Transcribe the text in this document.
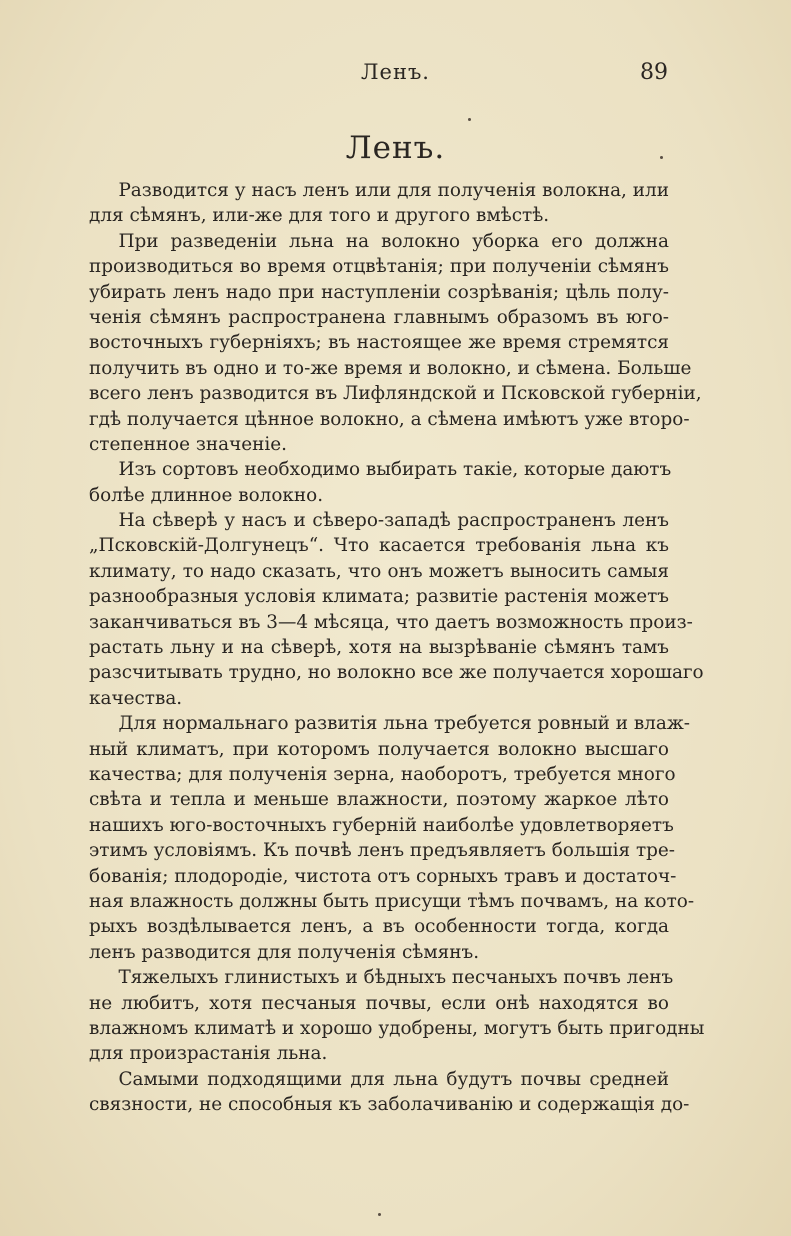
Ленъ.	89
Ленъ.
Разводится у насъ ленъ или для полученія волокна, или
для сѣмянъ, или-же для того и другого вмѣстѣ.
При разведеніи льна на волокно уборка его должна
производиться во время отцвѣтанія; при полученіи сѣмянъ
убирать ленъ надо при наступленіи созрѣванія; цѣль полу-
ченія сѣмянъ распространена главнымъ образомъ въ юго-
восточныхъ губерніяхъ; въ настоящее же время стремятся
получить въ одно и то-же время и волокно, и сѣмена. Больше
всего ленъ разводится въ Лифляндской и Псковской губерніи,
гдѣ получается цѣнное волокно, а сѣмена имѣютъ уже второ-
степенное значеніе.
Изъ сортовъ необходимо выбирать такіе, которые даютъ
болѣе длинное волокно.
На сѣверѣ у насъ и сѣверо-западѣ распространенъ ленъ
„Псковскій-Долгунецъ“. Что касается требованія льна къ
климату, то надо сказать, что онъ можетъ выносить самыя
разнообразныя условія климата; развитіе растенія можетъ
заканчиваться въ 3—4 мѣсяца, что даетъ возможность произ-
растать льну и на сѣверѣ, хотя на вызрѣваніе сѣмянъ тамъ
разсчитывать трудно, но волокно все же получается хорошаго
качества.
Для нормальнаго развитія льна требуется ровный и влаж-
ный климатъ, при которомъ получается волокно высшаго
качества; для полученія зерна, наоборотъ, требуется много
свѣта и тепла и меньше влажности, поэтому жаркое лѣто
нашихъ юго-восточныхъ губерній наиболѣе удовлетворяетъ
этимъ условіямъ. Къ почвѣ ленъ предъявляетъ большія тре-
бованія; плодородіе, чистота отъ сорныхъ травъ и достаточ-
ная влажность должны быть присущи тѣмъ почвамъ, на кото-
рыхъ воздѣлывается ленъ, а въ особенности тогда, когда
ленъ разводится для полученія сѣмянъ.
Тяжелыхъ глинистыхъ и бѣдныхъ песчаныхъ почвъ ленъ
не любитъ, хотя песчаныя почвы, если онѣ находятся во
влажномъ климатѣ и хорошо удобрены, могутъ быть пригодны
для произрастанія льна.
Самыми подходящими для льна будутъ почвы средней
связности, не способныя къ заболачиванію и содержащія до-
